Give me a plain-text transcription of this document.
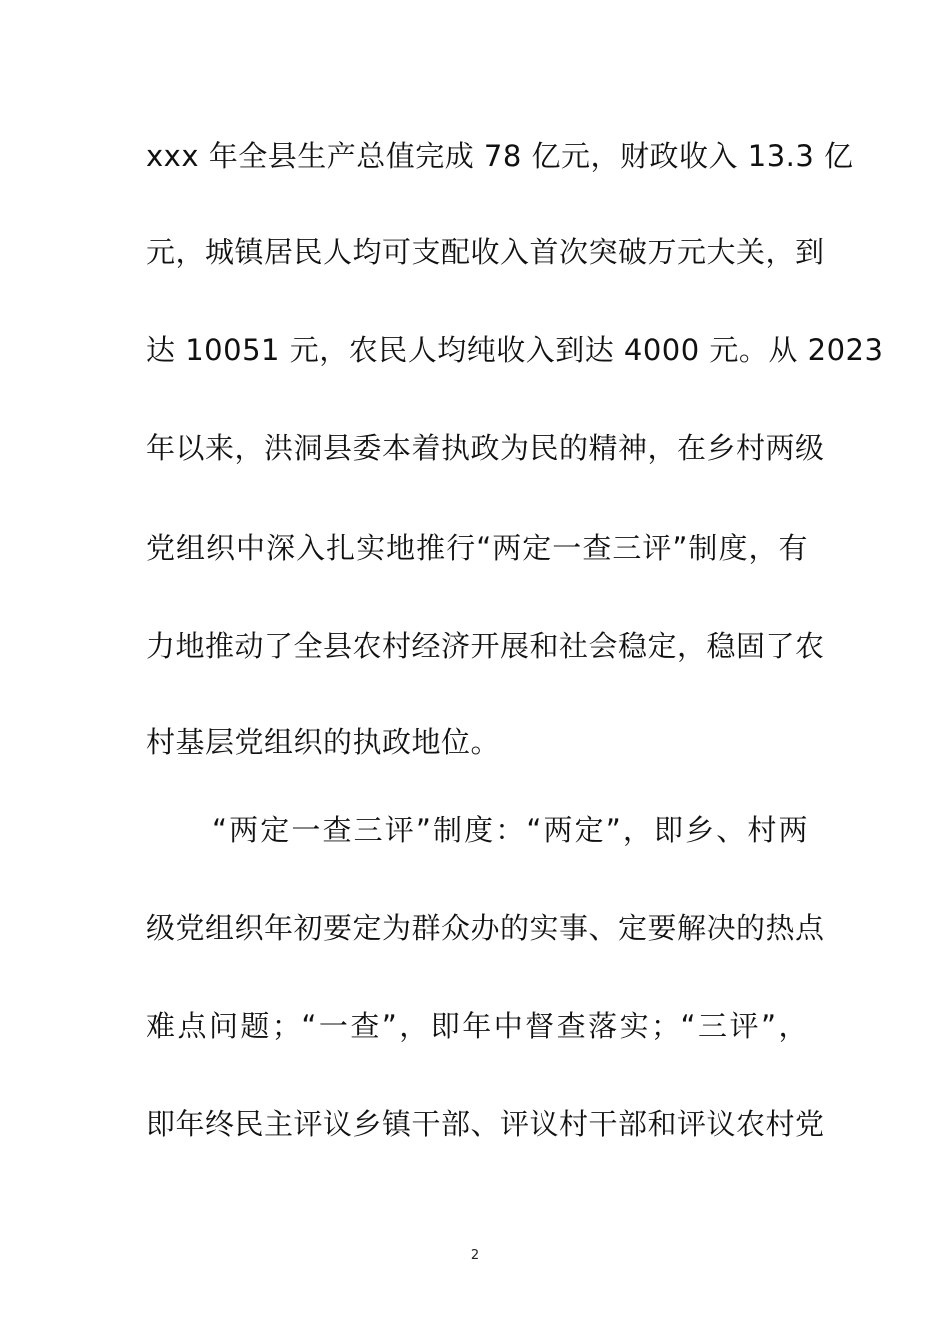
xxx 年全县生产总值完成 78 亿元，财政收入 13.3 亿
元，城镇居民人均可支配收入首次突破万元大关，到
达 10051 元，农民人均纯收入到达 4000 元。从 2023
年以来，洪洞县委本着执政为民的精神，在乡村两级
党组织中深入扎实地推行“两定一查三评”制度，有
力地推动了全县农村经济开展和社会稳定，稳固了农
村基层党组织的执政地位。
“两定一查三评”制度：“两定”，即乡、村两
级党组织年初要定为群众办的实事、定要解决的热点
难点问题；“一查”，即年中督查落实；“三评”，
即年终民主评议乡镇干部、评议村干部和评议农村党
2
